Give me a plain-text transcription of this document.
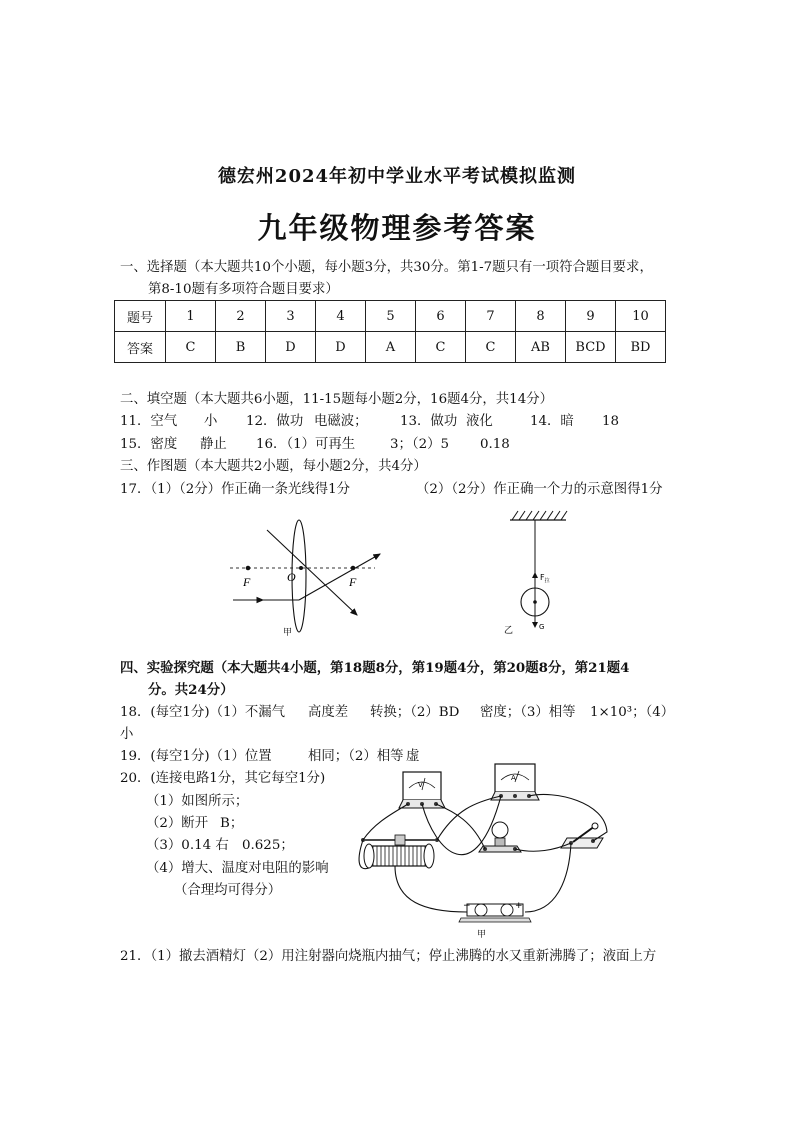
德宏州2024年初中学业水平考试模拟监测
九年级物理参考答案
一、选择题（本大题共10个小题，每小题3分，共30分。第1-7题只有一项符合题目要求，
第8-10题有多项符合题目要求）
题号	1	2	3	4	5	6	7	8	9	10
答案	C	B	D	D	A	C	C	AB	BCD	BD
二、填空题（本大题共6小题，11-15题每小题2分，16题4分，共14分）
11．空气 小 12．做功 电磁波； 13．做功 液化	14．暗 18
15．密度 静止 16．（1）可再生	3；（2）5 0.18
三、作图题（本大题共2小题，每小题2分，共4分）
17．（1）（2分）作正确一条光线得1分	（2）（2分）作正确一个力的示意图得1分
F	O	F
甲
$F_拉$
G
乙
四、实验探究题（本大题共4小题，第18题8分，第19题4分，第20题8分，第21题4
分。共24分）
18．(每空1分)（1）不漏气 高度差 转换；（2）BD 密度；（3）相等 1×10³；（4）
小
19．(每空1分)（1）位置	相同；（2）相等 虚
20．(连接电路1分，其它每空1分)
（1）如图所示；
（2）断开 B；
（3）0.14 右 0.625；
（4）增大、温度对电阻的影响
（合理均可得分）
V
A
−	+
甲
21．（1）撤去酒精灯（2）用注射器向烧瓶内抽气；停止沸腾的水又重新沸腾了；液面上方
